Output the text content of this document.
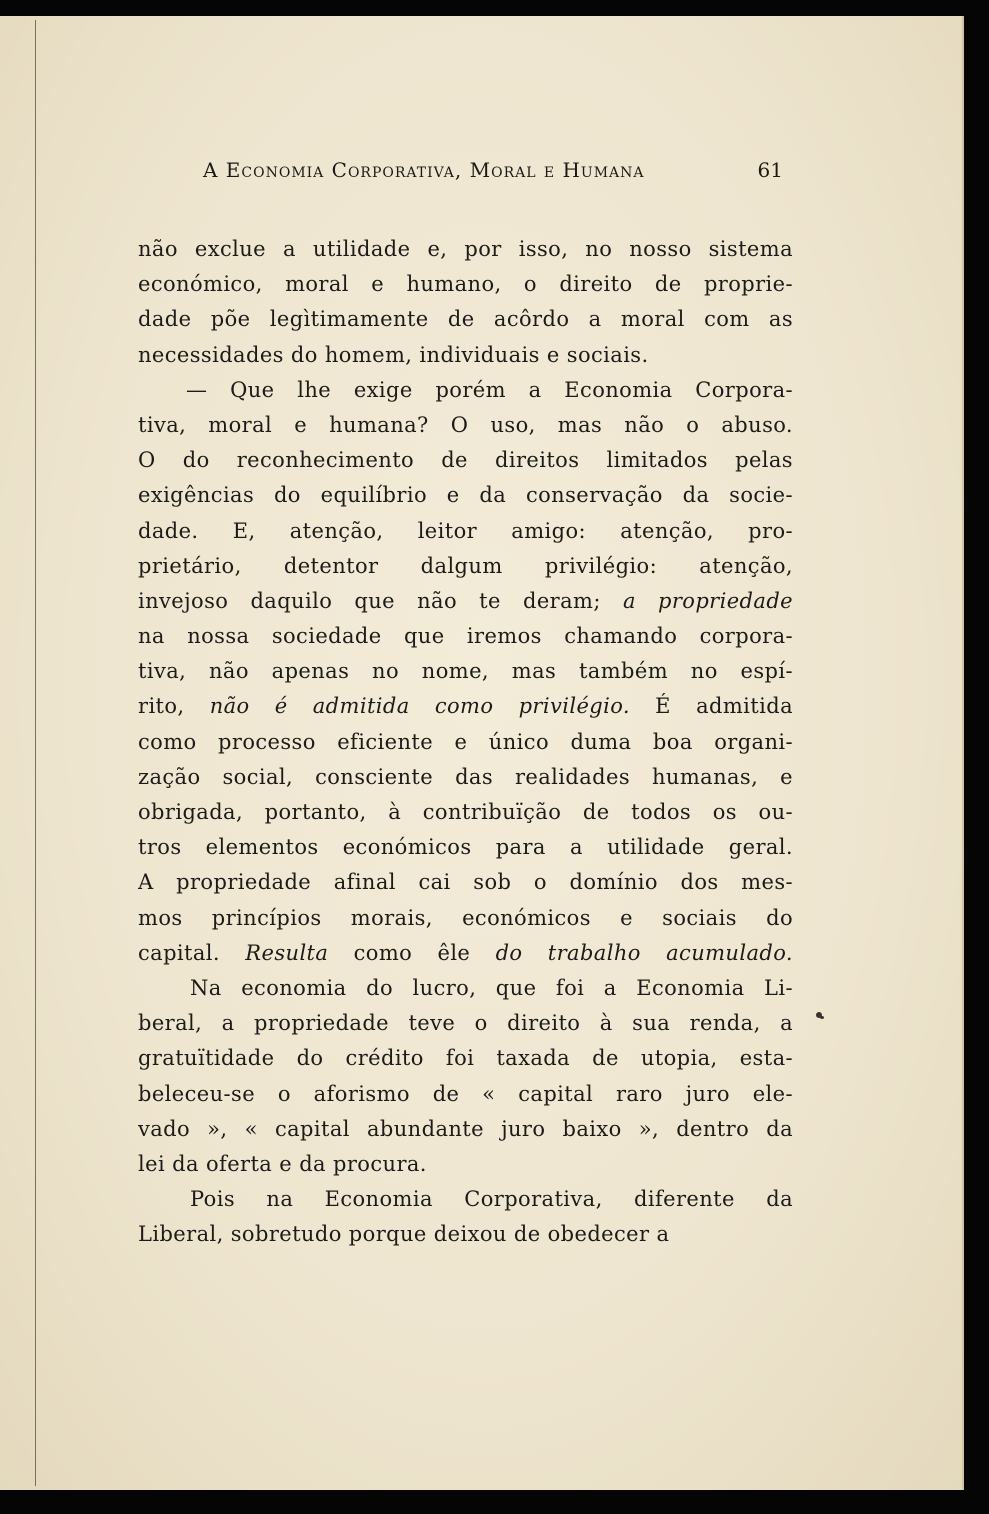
A Economia Corporativa, Moral e Humana	61
não exclue a utilidade e, por isso, no nosso sistema
económico, moral e humano, o direito de proprie-
dade põe legìtimamente de acôrdo a moral com as
necessidades do homem, individuais e sociais.
— Que lhe exige porém a Economia Corpora-
tiva, moral e humana? O uso, mas não o abuso.
O do reconhecimento de direitos limitados pelas
exigências do equilíbrio e da conservação da socie-
dade. E, atenção, leitor amigo: atenção, pro-
prietário, detentor dalgum privilégio: atenção,
invejoso daquilo que não te deram; a propriedade
na nossa sociedade que iremos chamando corpora-
tiva, não apenas no nome, mas também no espí-
rito, não é admitida como privilégio. É admitida
como processo eficiente e único duma boa organi-
zação social, consciente das realidades humanas, e
obrigada, portanto, à contribuïção de todos os ou-
tros elementos económicos para a utilidade geral.
A propriedade afinal cai sob o domínio dos mes-
mos princípios morais, económicos e sociais do
capital. Resulta como êle do trabalho acumulado.
Na economia do lucro, que foi a Economia Li-
beral, a propriedade teve o direito à sua renda, a
gratuïtidade do crédito foi taxada de utopia, esta-
beleceu-se o aforismo de « capital raro juro ele-
vado », « capital abundante juro baixo », dentro da
lei da oferta e da procura.
Pois na Economia Corporativa, diferente da
Liberal, sobretudo porque deixou de obedecer a
